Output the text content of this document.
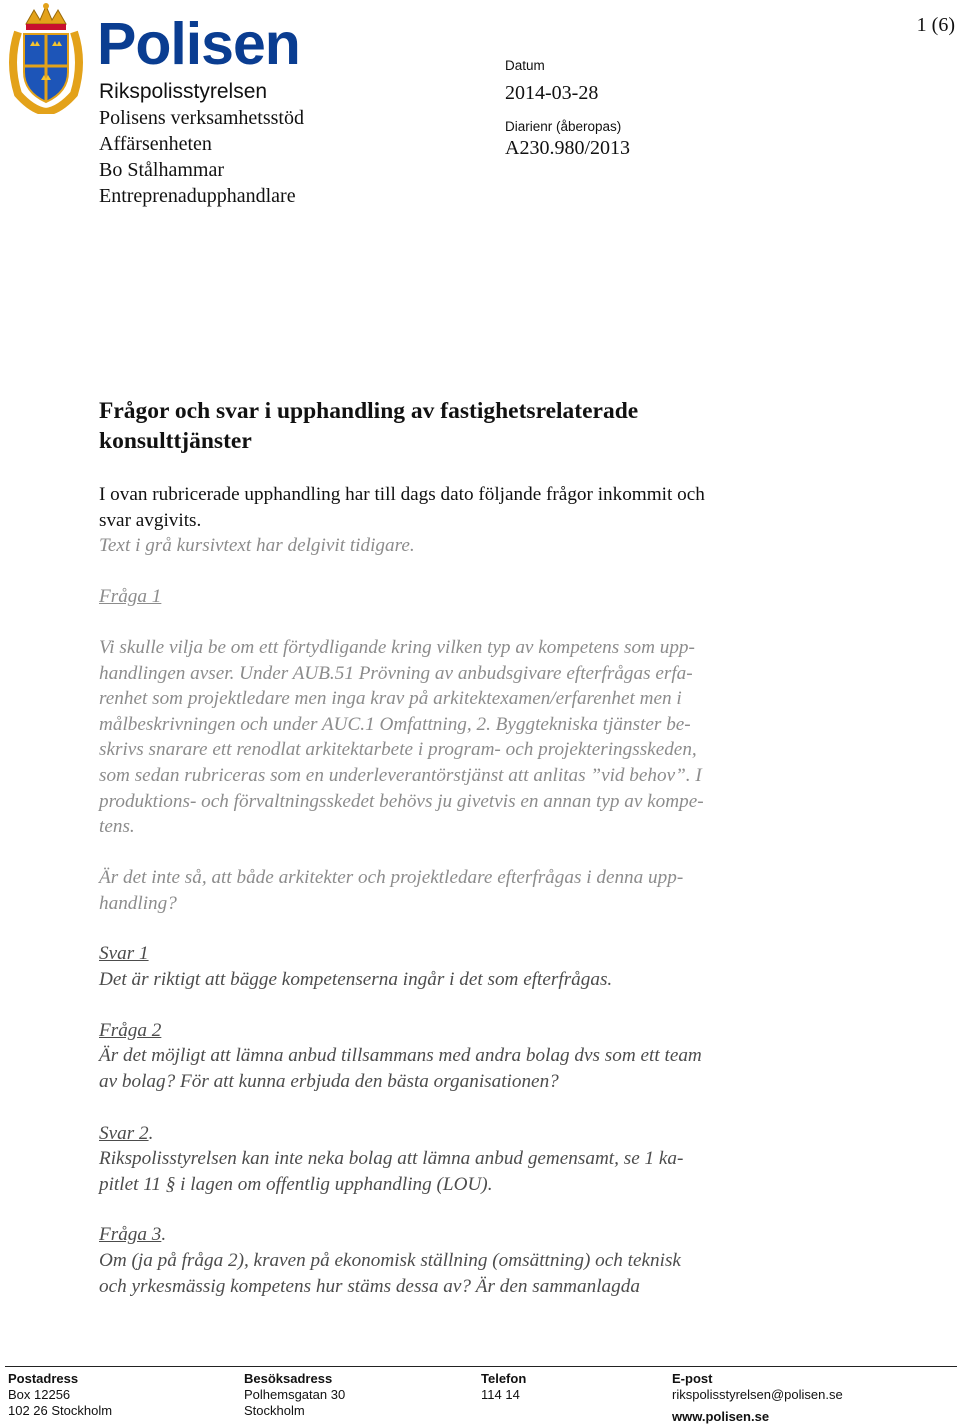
Polisen
Rikspolisstyrelsen
Polisens verksamhetsstöd
Affärsenheten
Bo Stålhammar
Entreprenadupphandlare
1 (6)
Datum
2014-03-28
Diarienr (åberopas)
A230.980/2013
Frågor och svar i upphandling av fastighetsrelaterade
konsulttjänster
I ovan rubricerade upphandling har till dags dato följande frågor inkommit och
svar avgivits.
Text i grå kursivtext har delgivit tidigare.
Fråga 1
Vi skulle vilja be om ett förtydligande kring vilken typ av kompetens som upp-
handlingen avser. Under AUB.51 Prövning av anbudsgivare efterfrågas erfa-
renhet som projektledare men inga krav på arkitektexamen/erfarenhet men i
målbeskrivningen och under AUC.1 Omfattning, 2. Byggtekniska tjänster be-
skrivs snarare ett renodlat arkitektarbete i program- och projekteringsskeden,
som sedan rubriceras som en underleverantörstjänst att anlitas ”vid behov”. I
produktions- och förvaltningsskedet behövs ju givetvis en annan typ av kompe-
tens.
Är det inte så, att både arkitekter och projektledare efterfrågas i denna upp-
handling?
Svar 1
Det är riktigt att bägge kompetenserna ingår i det som efterfrågas.
Fråga 2
Är det möjligt att lämna anbud tillsammans med andra bolag dvs som ett team
av bolag? För att kunna erbjuda den bästa organisationen?
Svar 2.
Rikspolisstyrelsen kan inte neka bolag att lämna anbud gemensamt, se 1 ka-
pitlet 11 § i lagen om offentlig upphandling (LOU).
Fråga 3.
Om (ja på fråga 2), kraven på ekonomisk ställning (omsättning) och teknisk
och yrkesmässig kompetens hur stäms dessa av? Är den sammanlagda
Postadress
Box 12256
102 26 Stockholm
Besöksadress
Polhemsgatan 30
Stockholm
Telefon
114 14
E-post
rikspolisstyrelsen@polisen.se
www.polisen.se
